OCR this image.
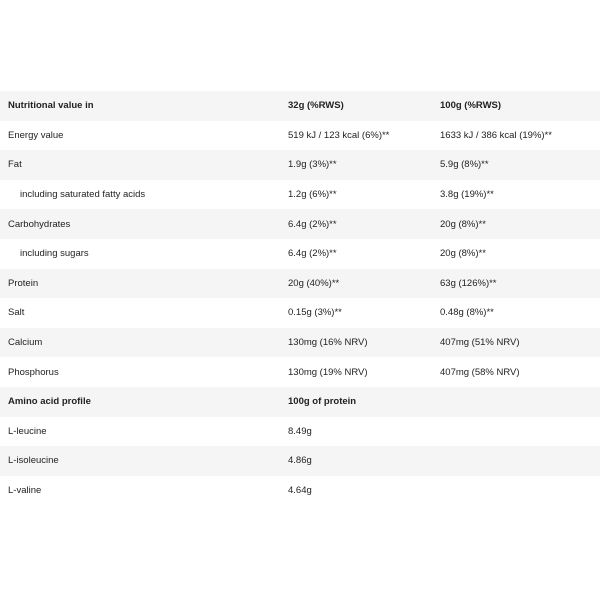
Nutritional value in	32g (%RWS)	100g (%RWS)
Energy value	519 kJ / 123 kcal (6%)**	1633 kJ / 386 kcal (19%)**
Fat	1.9g (3%)**	5.9g (8%)**
including saturated fatty acids	1.2g (6%)**	3.8g (19%)**
Carbohydrates	6.4g (2%)**	20g (8%)**
including sugars	6.4g (2%)**	20g (8%)**
Protein	20g (40%)**	63g (126%)**
Salt	0.15g (3%)**	0.48g (8%)**
Calcium	130mg (16% NRV)	407mg (51% NRV)
Phosphorus	130mg (19% NRV)	407mg (58% NRV)
Amino acid profile	100g of protein
L-leucine	8.49g
L-isoleucine	4.86g
L-valine	4.64g
